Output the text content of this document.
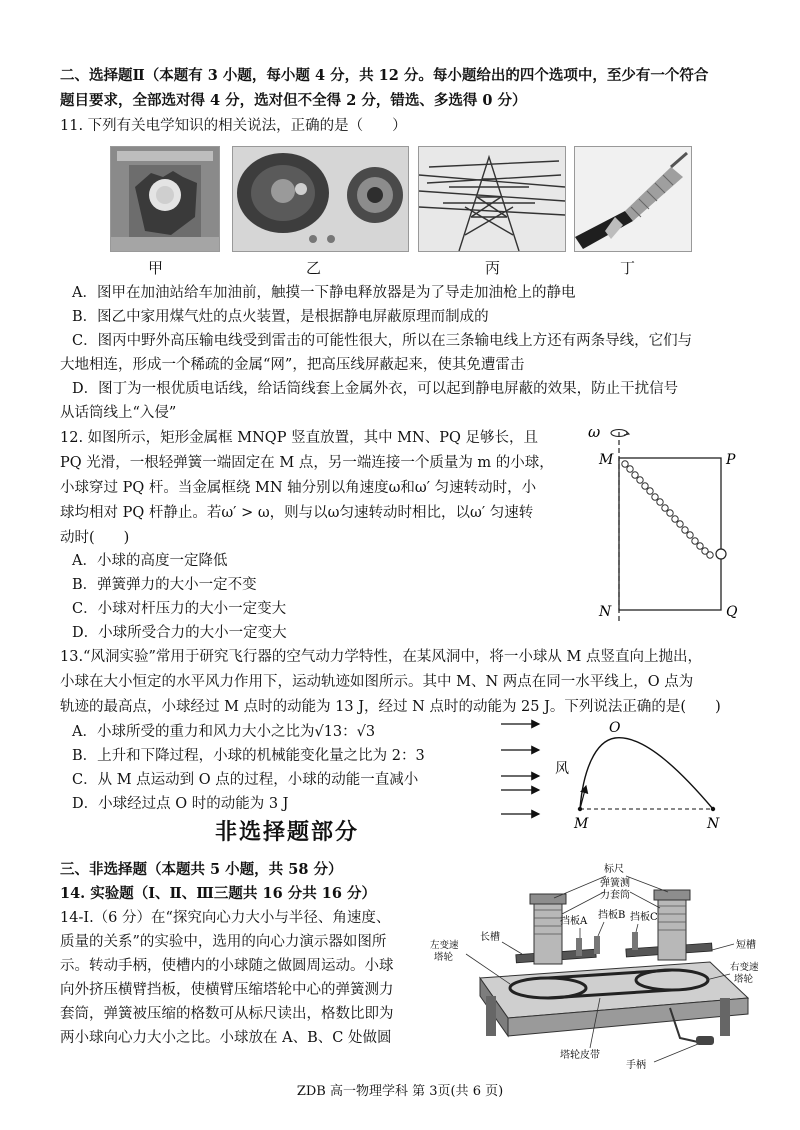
二、选择题Ⅱ（本题有 3 小题，每小题 4 分，共 12 分。每小题给出的四个选项中，至少有一个符合
题目要求，全部选对得 4 分，选对但不全得 2 分，错选、多选得 0 分）
11. 下列有关电学知识的相关说法，正确的是（　　）
甲	乙	丙	丁
A．图甲在加油站给车加油前，触摸一下静电释放器是为了导走加油枪上的静电
B．图乙中家用煤气灶的点火装置，是根据静电屏蔽原理而制成的
C．图丙中野外高压输电线受到雷击的可能性很大，所以在三条输电线上方还有两条导线，它们与
大地相连，形成一个稀疏的金属“网”，把高压线屏蔽起来，使其免遭雷击
D．图丁为一根优质电话线，给话筒线套上金属外衣，可以起到静电屏蔽的效果，防止干扰信号
从话筒线上“入侵”
12. 如图所示，矩形金属框 MNQP 竖直放置，其中 MN、PQ 足够长，且
PQ 光滑，一根轻弹簧一端固定在 M 点，另一端连接一个质量为 m 的小球，
小球穿过 PQ 杆。当金属框绕 MN 轴分别以角速度ω和ω′ 匀速转动时，小
球均相对 PQ 杆静止。若ω′ > ω，则与以ω匀速转动时相比，以ω′ 匀速转
动时(　　)
A．小球的高度一定降低
B．弹簧弹力的大小一定不变
C．小球对杆压力的大小一定变大
D．小球所受合力的大小一定变大
ω
M	P
N	Q
13.“风洞实验”常用于研究飞行器的空气动力学特性，在某风洞中，将一小球从 M 点竖直向上抛出，
小球在大小恒定的水平风力作用下，运动轨迹如图所示。其中 M、N 两点在同一水平线上，O 点为
轨迹的最高点，小球经过 M 点时的动能为 13 J，经过 N 点时的动能为 25 J。下列说法正确的是(　　)
A．小球所受的重力和风力大小之比为√13：√3
B．上升和下降过程，小球的机械能变化量之比为 2：3
C．从 M 点运动到 O 点的过程，小球的动能一直减小
D．小球经过点 O 时的动能为 3 J
O
风
M	N
非选择题部分
三、非选择题（本题共 5 小题，共 58 分）
14. 实验题（Ⅰ、Ⅱ、Ⅲ三题共 16 分共 16 分）
14-Ⅰ.（6 分）在“探究向心力大小与半径、角速度、
质量的关系”的实验中，选用的向心力演示器如图所
示。转动手柄，使槽内的小球随之做圆周运动。小球
向外挤压横臂挡板，使横臂压缩塔轮中心的弹簧测力
套筒，弹簧被压缩的格数可从标尺读出，格数比即为
两小球向心力大小之比。小球放在 A、B、C 处做圆
标尺
弹簧测
力套筒
挡板A
挡板B 挡板C
长槽
左变速
塔轮
短槽
右变速
塔轮
塔轮皮带
手柄
ZDB 高一物理学科 第 3页(共 6 页)
